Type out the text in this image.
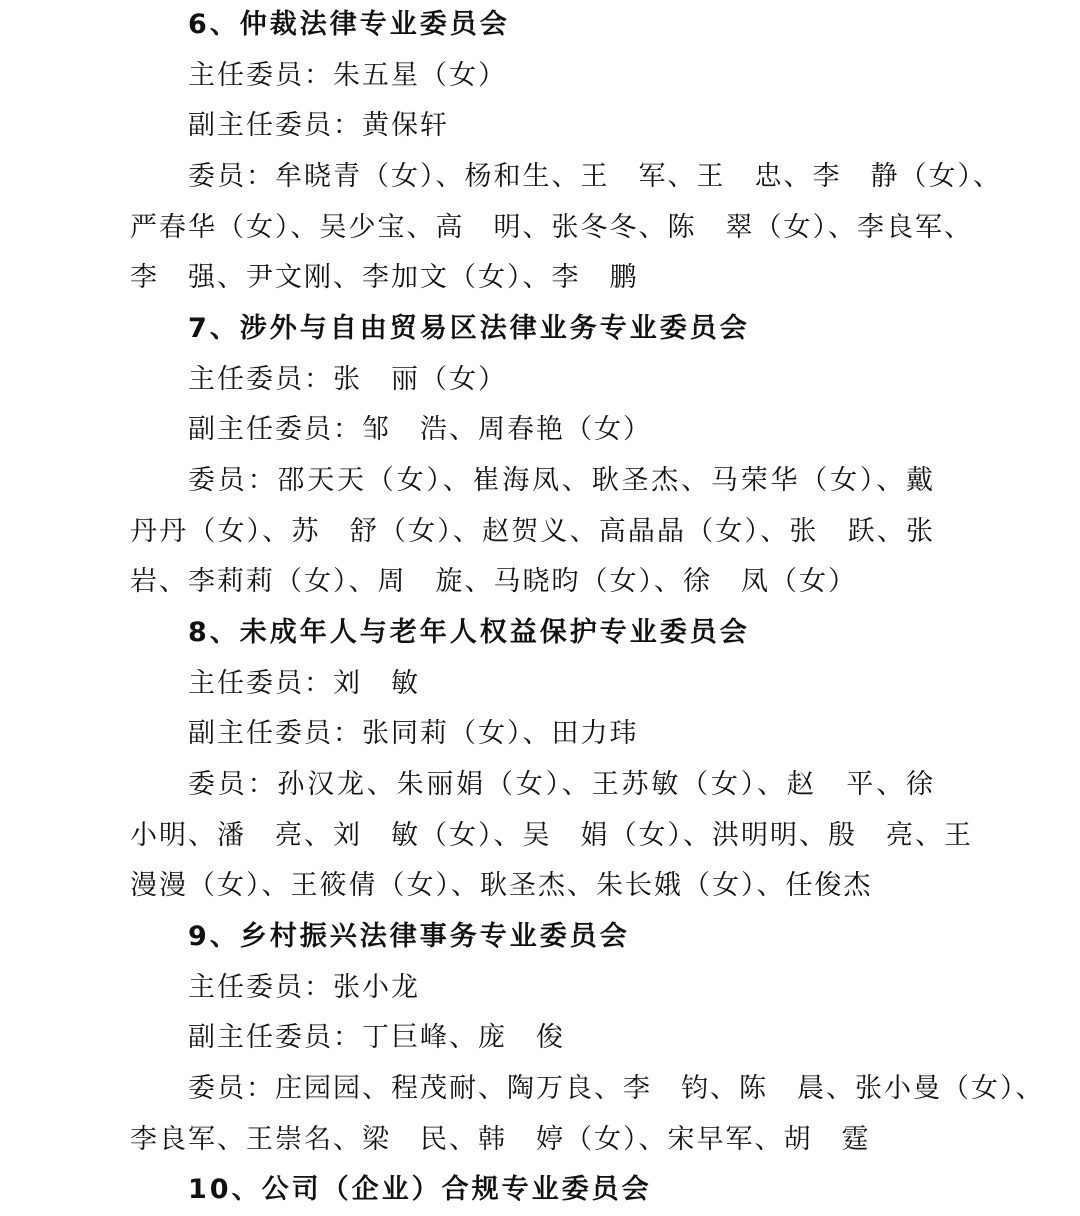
6、仲裁法律专业委员会
主任委员：朱五星（女）
副主任委员：黄保轩
委员：牟晓青（女）、杨和生、王　军、王　忠、李　静（女）、
严春华（女）、吴少宝、高　明、张冬冬、陈　翠（女）、李良军、
李　强、尹文刚、李加文（女）、李　鹏
7、涉外与自由贸易区法律业务专业委员会
主任委员：张　丽（女）
副主任委员：邹　浩、周春艳（女）
委员：邵天天（女）、崔海凤、耿圣杰、马荣华（女）、戴
丹丹（女）、苏　舒（女）、赵贺义、高晶晶（女）、张　跃、张
岩、李莉莉（女）、周　旋、马晓昀（女）、徐　凤（女）
8、未成年人与老年人权益保护专业委员会
主任委员：刘　敏
副主任委员：张同莉（女）、田力玮
委员：孙汉龙、朱丽娟（女）、王苏敏（女）、赵　平、徐
小明、潘　亮、刘　敏（女）、吴　娟（女）、洪明明、殷　亮、王
漫漫（女）、王筱倩（女）、耿圣杰、朱长娥（女）、任俊杰
9、乡村振兴法律事务专业委员会
主任委员：张小龙
副主任委员：丁巨峰、庞　俊
委员：庄园园、程茂耐、陶万良、李　钧、陈　晨、张小曼（女）、
李良军、王崇名、梁　民、韩　婷（女）、宋早军、胡　霆
10、公司（企业）合规专业委员会
